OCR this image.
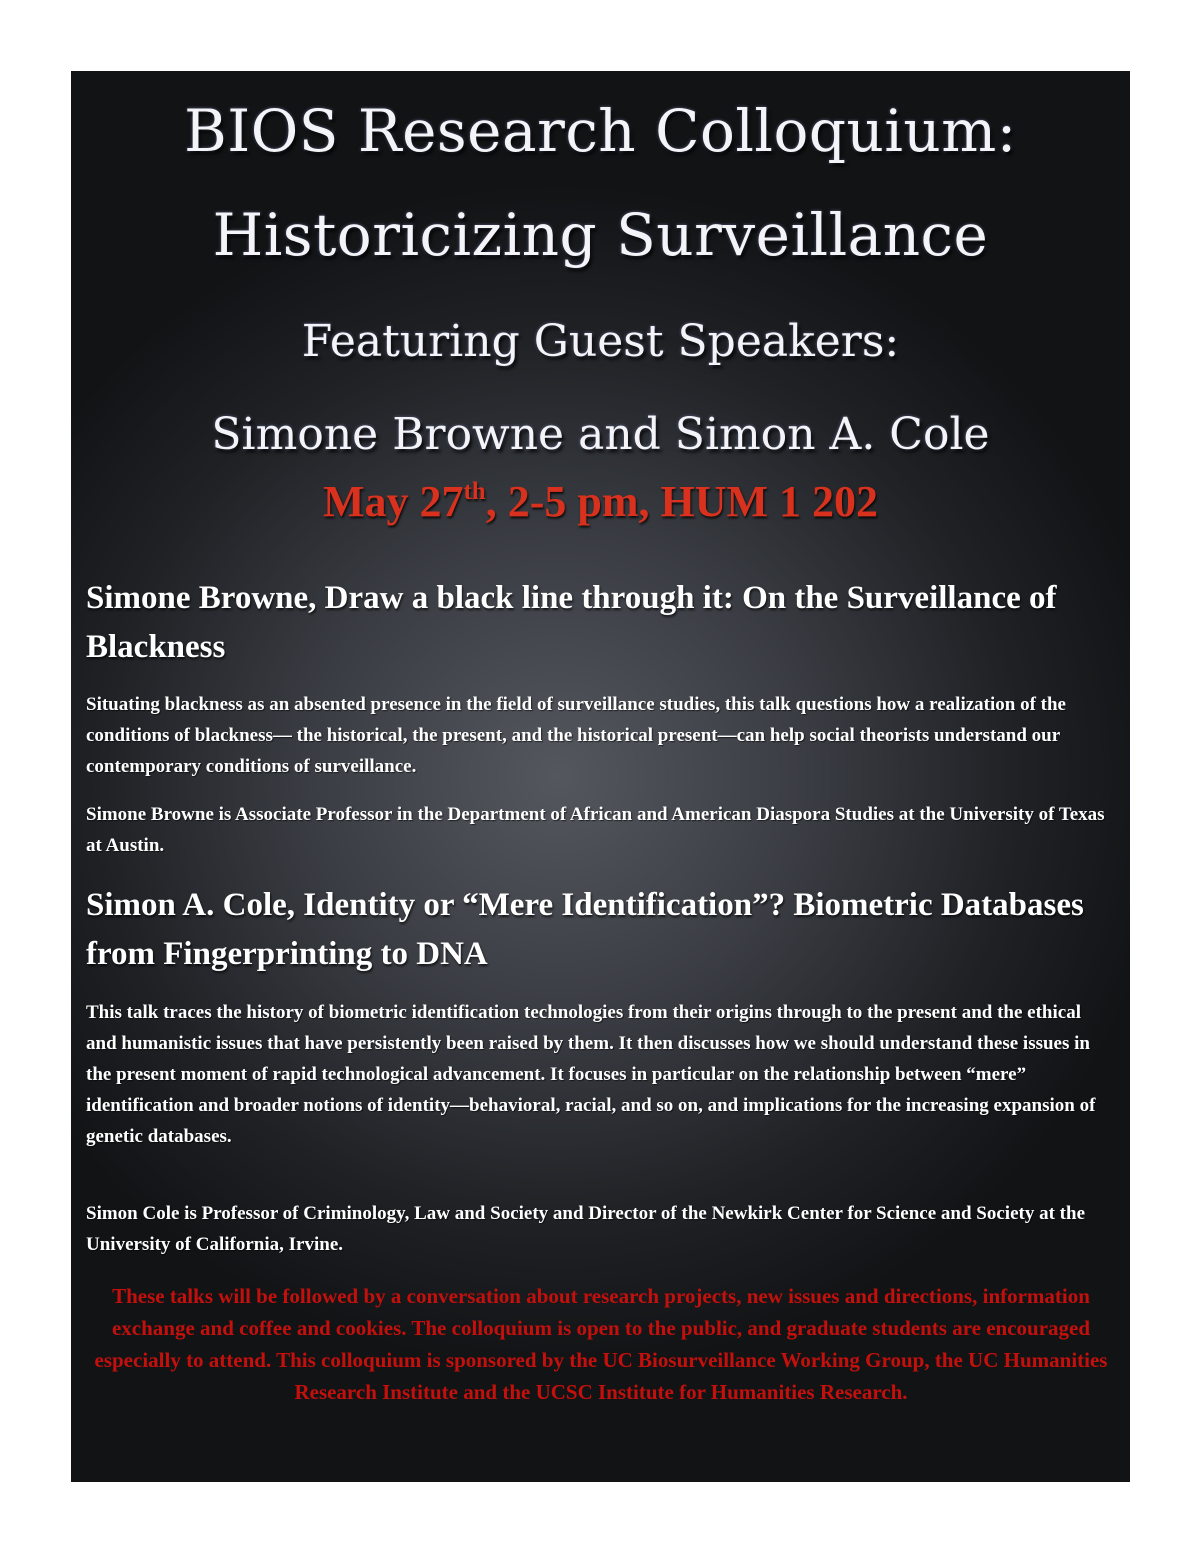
BIOS Research Colloquium:
Historicizing Surveillance
Featuring Guest Speakers:
Simone Browne and Simon A. Cole
May 27th, 2-5 pm, HUM 1 202
Simone Browne, Draw a black line through it: On the Surveillance of Blackness

Situating blackness as an absented presence in the field of surveillance studies, this talk questions how a realization of the conditions of blackness— the historical, the present, and the historical present—can help social theorists understand our contemporary conditions of surveillance.

Simone Browne is Associate Professor in the Department of African and American Diaspora Studies at the University of Texas at Austin.

Simon A. Cole, Identity or “Mere Identification”? Biometric Databases from Fingerprinting to DNA

This talk traces the history of biometric identification technologies from their origins through to the present and the ethical and humanistic issues that have persistently been raised by them. It then discusses how we should understand these issues in the present moment of rapid technological advancement. It focuses in particular on the relationship between “mere” identification and broader notions of identity—behavioral, racial, and so on, and implications for the increasing expansion of genetic databases.

Simon Cole is Professor of Criminology, Law and Society and Director of the Newkirk Center for Science and Society at the University of California, Irvine.

These talks will be followed by a conversation about research projects, new issues and directions, information exchange and coffee and cookies. The colloquium is open to the public, and graduate students are encouraged especially to attend. This colloquium is sponsored by the UC Biosurveillance Working Group, the UC Humanities Research Institute and the UCSC Institute for Humanities Research.
